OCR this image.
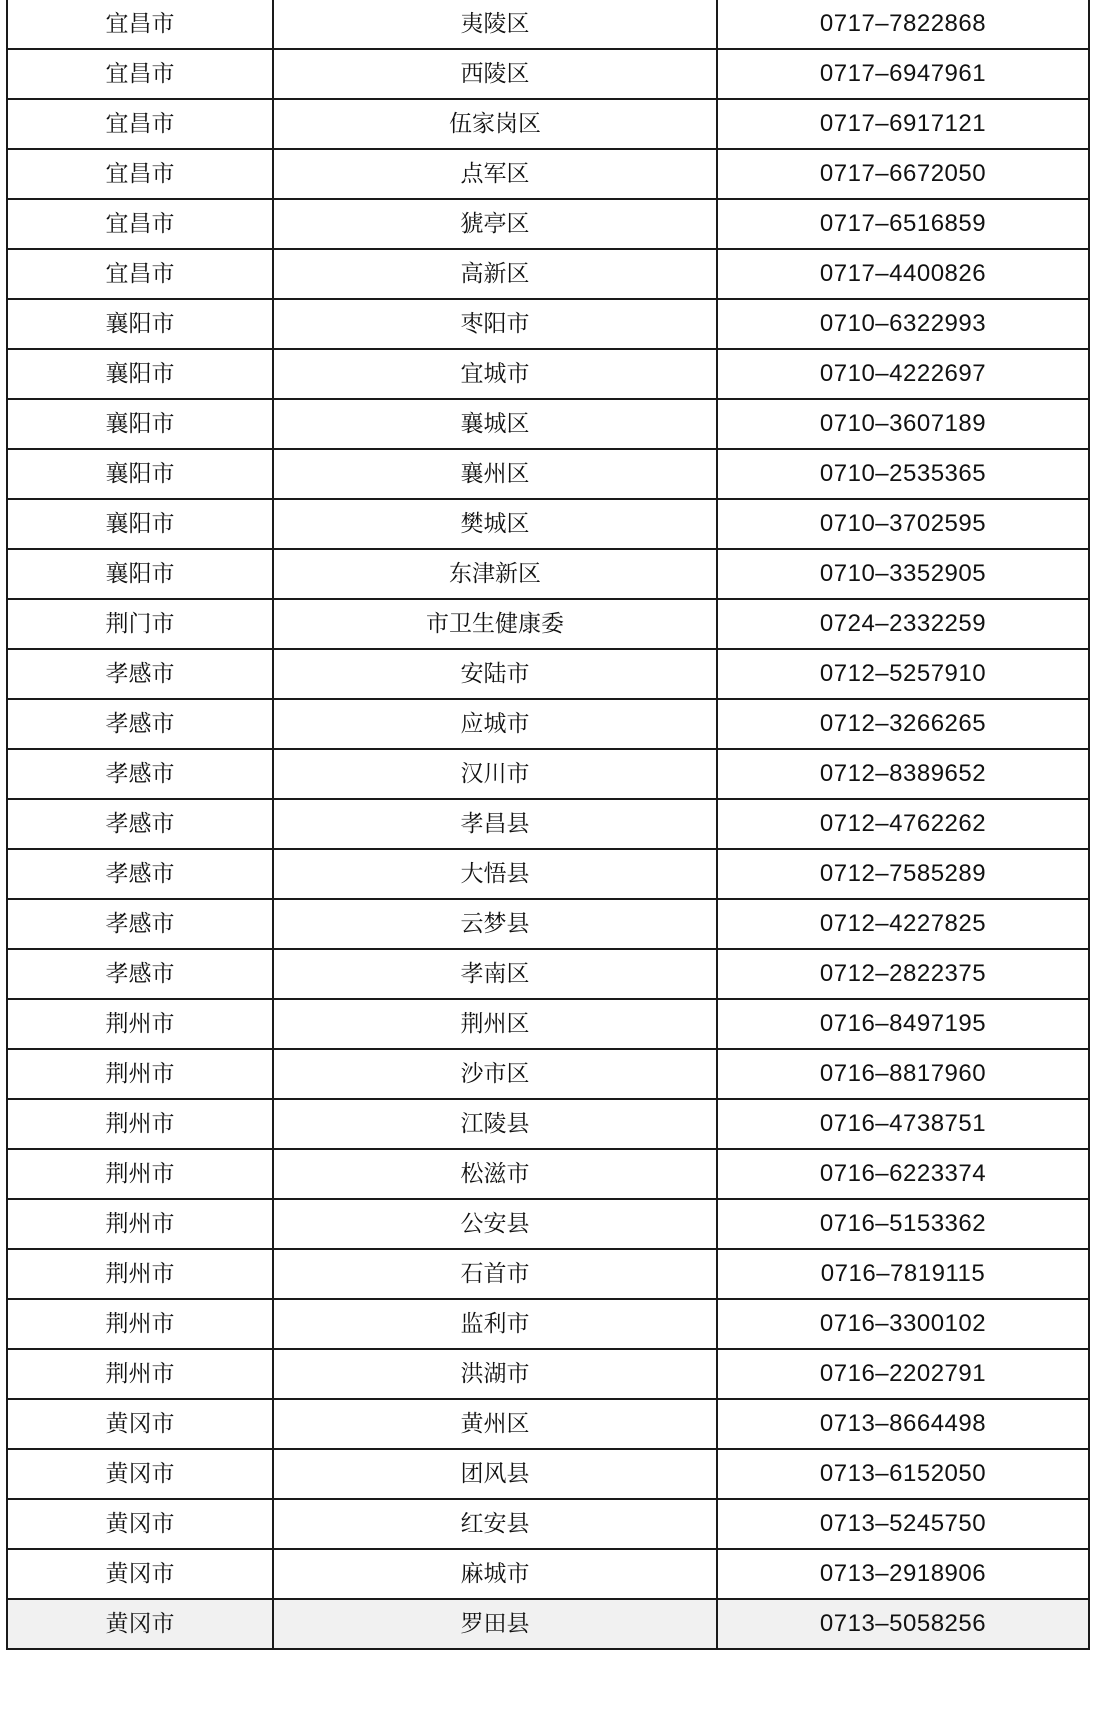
宜昌市	夷陵区	0717–7822868
宜昌市	西陵区	0717–6947961
宜昌市	伍家岗区	0717–6917121
宜昌市	点军区	0717–6672050
宜昌市	猇亭区	0717–6516859
宜昌市	高新区	0717–4400826
襄阳市	枣阳市	0710–6322993
襄阳市	宜城市	0710–4222697
襄阳市	襄城区	0710–3607189
襄阳市	襄州区	0710–2535365
襄阳市	樊城区	0710–3702595
襄阳市	东津新区	0710–3352905
荆门市	市卫生健康委	0724–2332259
孝感市	安陆市	0712–5257910
孝感市	应城市	0712–3266265
孝感市	汉川市	0712–8389652
孝感市	孝昌县	0712–4762262
孝感市	大悟县	0712–7585289
孝感市	云梦县	0712–4227825
孝感市	孝南区	0712–2822375
荆州市	荆州区	0716–8497195
荆州市	沙市区	0716–8817960
荆州市	江陵县	0716–4738751
荆州市	松滋市	0716–6223374
荆州市	公安县	0716–5153362
荆州市	石首市	0716–7819115
荆州市	监利市	0716–3300102
荆州市	洪湖市	0716–2202791
黄冈市	黄州区	0713–8664498
黄冈市	团风县	0713–6152050
黄冈市	红安县	0713–5245750
黄冈市	麻城市	0713–2918906
黄冈市	罗田县	0713–5058256
